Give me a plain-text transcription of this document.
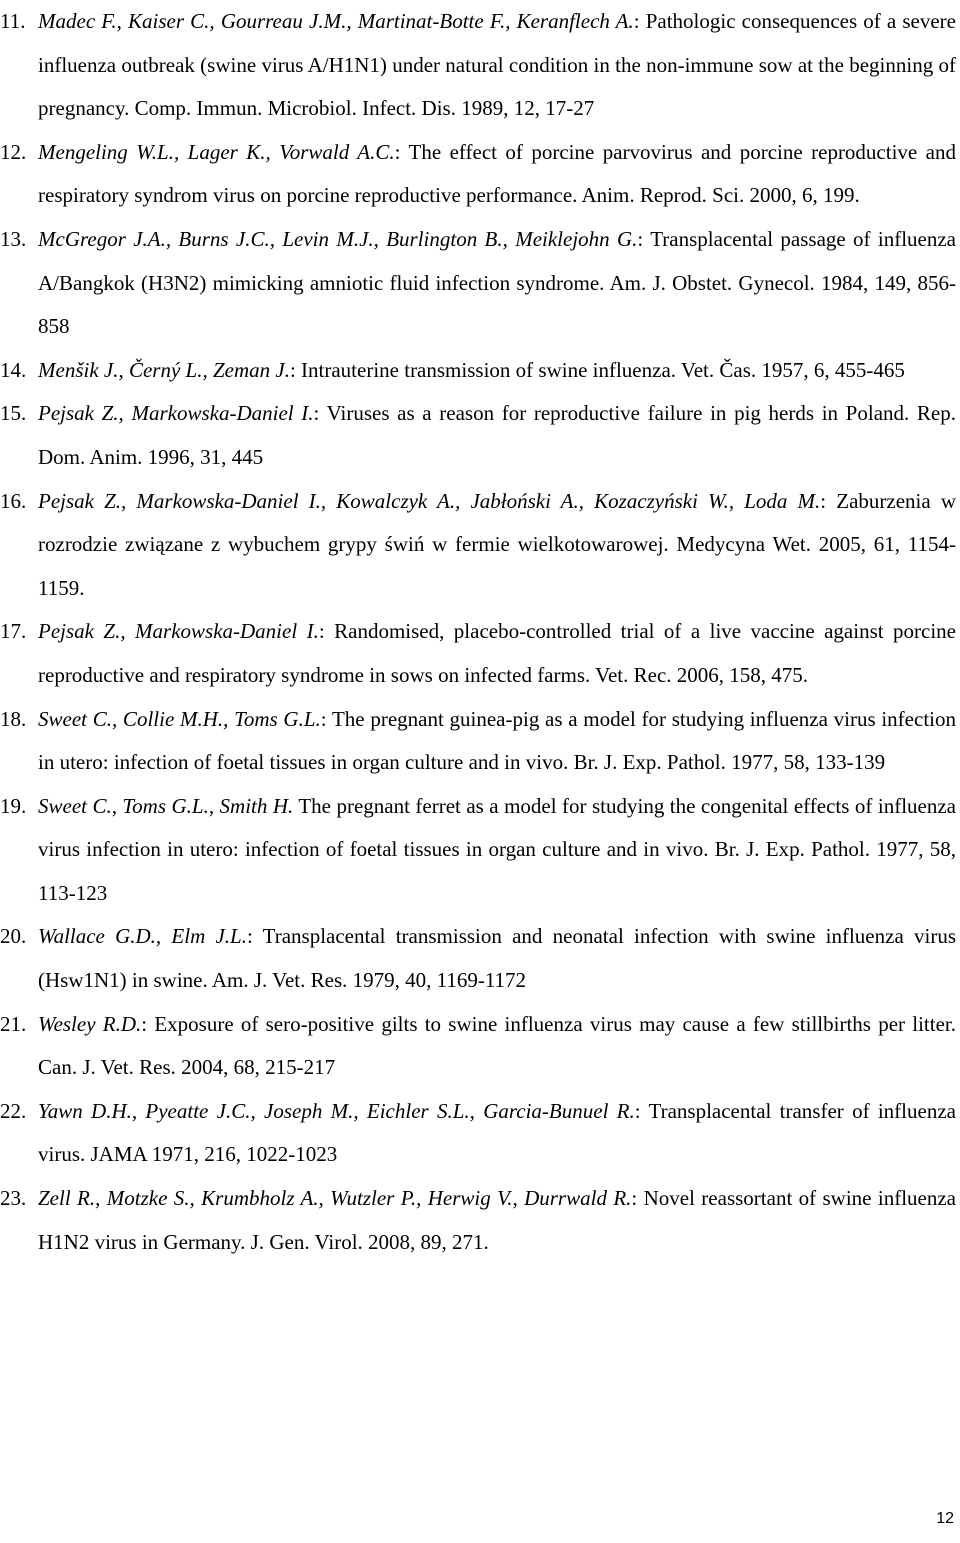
11. Madec F., Kaiser C., Gourreau J.M., Martinat-Botte F., Keranflech A.: Pathologic consequences of a severe influenza outbreak (swine virus A/H1N1) under natural condition in the non-immune sow at the beginning of pregnancy. Comp. Immun. Microbiol. Infect. Dis. 1989, 12, 17-27
12. Mengeling W.L., Lager K., Vorwald A.C.: The effect of porcine parvovirus and porcine reproductive and respiratory syndrom virus on porcine reproductive performance. Anim. Reprod. Sci. 2000, 6, 199.
13. McGregor J.A., Burns J.C., Levin M.J., Burlington B., Meiklejohn G.: Transplacental passage of influenza A/Bangkok (H3N2) mimicking amniotic fluid infection syndrome. Am. J. Obstet. Gynecol. 1984, 149, 856-858
14. Menšik J., Černý L., Zeman J.: Intrauterine transmission of swine influenza. Vet. Čas. 1957, 6, 455-465
15. Pejsak Z., Markowska-Daniel I.: Viruses as a reason for reproductive failure in pig herds in Poland. Rep. Dom. Anim. 1996, 31, 445
16. Pejsak Z., Markowska-Daniel I., Kowalczyk A., Jabłoński A., Kozaczyński W., Loda M.: Zaburzenia w rozrodzie związane z wybuchem grypy świń w fermie wielkotowarowej. Medycyna Wet. 2005, 61, 1154-1159.
17. Pejsak Z., Markowska-Daniel I.: Randomised, placebo-controlled trial of a live vaccine against porcine reproductive and respiratory syndrome in sows on infected farms. Vet. Rec. 2006, 158, 475.
18. Sweet C., Collie M.H., Toms G.L.: The pregnant guinea-pig as a model for studying influenza virus infection in utero: infection of foetal tissues in organ culture and in vivo. Br. J. Exp. Pathol. 1977, 58, 133-139
19. Sweet C., Toms G.L., Smith H. The pregnant ferret as a model for studying the congenital effects of influenza virus infection in utero: infection of foetal tissues in organ culture and in vivo. Br. J. Exp. Pathol. 1977, 58, 113-123
20. Wallace G.D., Elm J.L.: Transplacental transmission and neonatal infection with swine influenza virus (Hsw1N1) in swine. Am. J. Vet. Res. 1979, 40, 1169-1172
21. Wesley R.D.: Exposure of sero-positive gilts to swine influenza virus may cause a few stillbirths per litter. Can. J. Vet. Res. 2004, 68, 215-217
22. Yawn D.H., Pyeatte J.C., Joseph M., Eichler S.L., Garcia-Bunuel R.: Transplacental transfer of influenza virus. JAMA 1971, 216, 1022-1023
23. Zell R., Motzke S., Krumbholz A., Wutzler P., Herwig V., Durrwald R.: Novel reassortant of swine influenza H1N2 virus in Germany. J. Gen. Virol. 2008, 89, 271.
12
